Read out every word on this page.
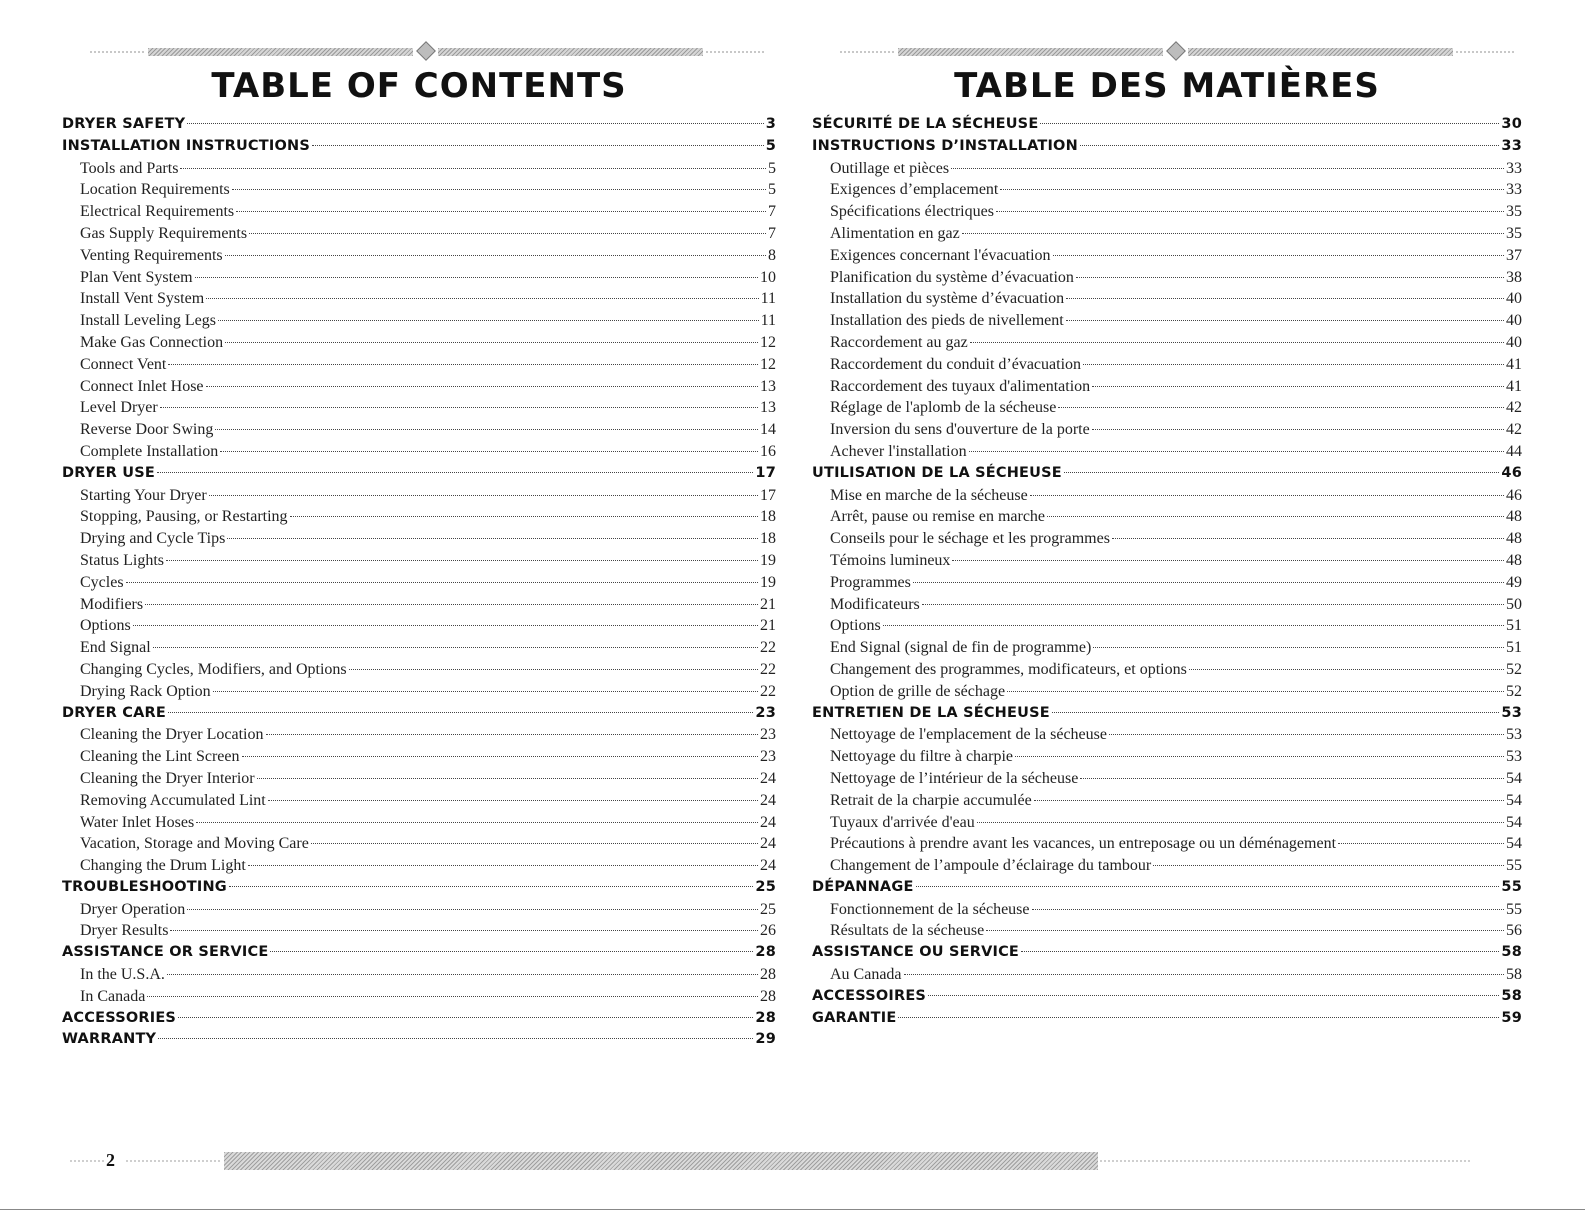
TABLE OF CONTENTS
DRYER SAFETY	3
INSTALLATION INSTRUCTIONS	5
Tools and Parts	5
Location Requirements	5
Electrical Requirements	7
Gas Supply Requirements	7
Venting Requirements	8
Plan Vent System	10
Install Vent System	11
Install Leveling Legs	11
Make Gas Connection	12
Connect Vent	12
Connect Inlet Hose	13
Level Dryer	13
Reverse Door Swing	14
Complete Installation	16
DRYER USE	17
Starting Your Dryer	17
Stopping, Pausing, or Restarting	18
Drying and Cycle Tips	18
Status Lights	19
Cycles	19
Modifiers	21
Options	21
End Signal	22
Changing Cycles, Modifiers, and Options	22
Drying Rack Option	22
DRYER CARE	23
Cleaning the Dryer Location	23
Cleaning the Lint Screen	23
Cleaning the Dryer Interior	24
Removing Accumulated Lint	24
Water Inlet Hoses	24
Vacation, Storage and Moving Care	24
Changing the Drum Light	24
TROUBLESHOOTING	25
Dryer Operation	25
Dryer Results	26
ASSISTANCE OR SERVICE	28
In the U.S.A.	28
In Canada	28
ACCESSORIES	28
WARRANTY	29
TABLE DES MATIÈRES
SÉCURITÉ DE LA SÉCHEUSE	30
INSTRUCTIONS D’INSTALLATION	33
Outillage et pièces	33
Exigences d’emplacement	33
Spécifications électriques	35
Alimentation en gaz	35
Exigences concernant l'évacuation	37
Planification du système d’évacuation	38
Installation du système d’évacuation	40
Installation des pieds de nivellement	40
Raccordement au gaz	40
Raccordement du conduit d’évacuation	41
Raccordement des tuyaux d'alimentation	41
Réglage de l'aplomb de la sécheuse	42
Inversion du sens d'ouverture de la porte	42
Achever l'installation	44
UTILISATION DE LA SÉCHEUSE	46
Mise en marche de la sécheuse	46
Arrêt, pause ou remise en marche	48
Conseils pour le séchage et les programmes	48
Témoins lumineux	48
Programmes	49
Modificateurs	50
Options	51
End Signal (signal de fin de programme)	51
Changement des programmes, modificateurs, et options	52
Option de grille de séchage	52
ENTRETIEN DE LA SÉCHEUSE	53
Nettoyage de l'emplacement de la sécheuse	53
Nettoyage du filtre à charpie	53
Nettoyage de l’intérieur de la sécheuse	54
Retrait de la charpie accumulée	54
Tuyaux d'arrivée d'eau	54
Précautions à prendre avant les vacances, un entreposage ou un déménagement	54
Changement de l’ampoule d’éclairage du tambour	55
DÉPANNAGE	55
Fonctionnement de la sécheuse	55
Résultats de la sécheuse	56
ASSISTANCE OU SERVICE	58
Au Canada	58
ACCESSOIRES	58
GARANTIE	59
2
